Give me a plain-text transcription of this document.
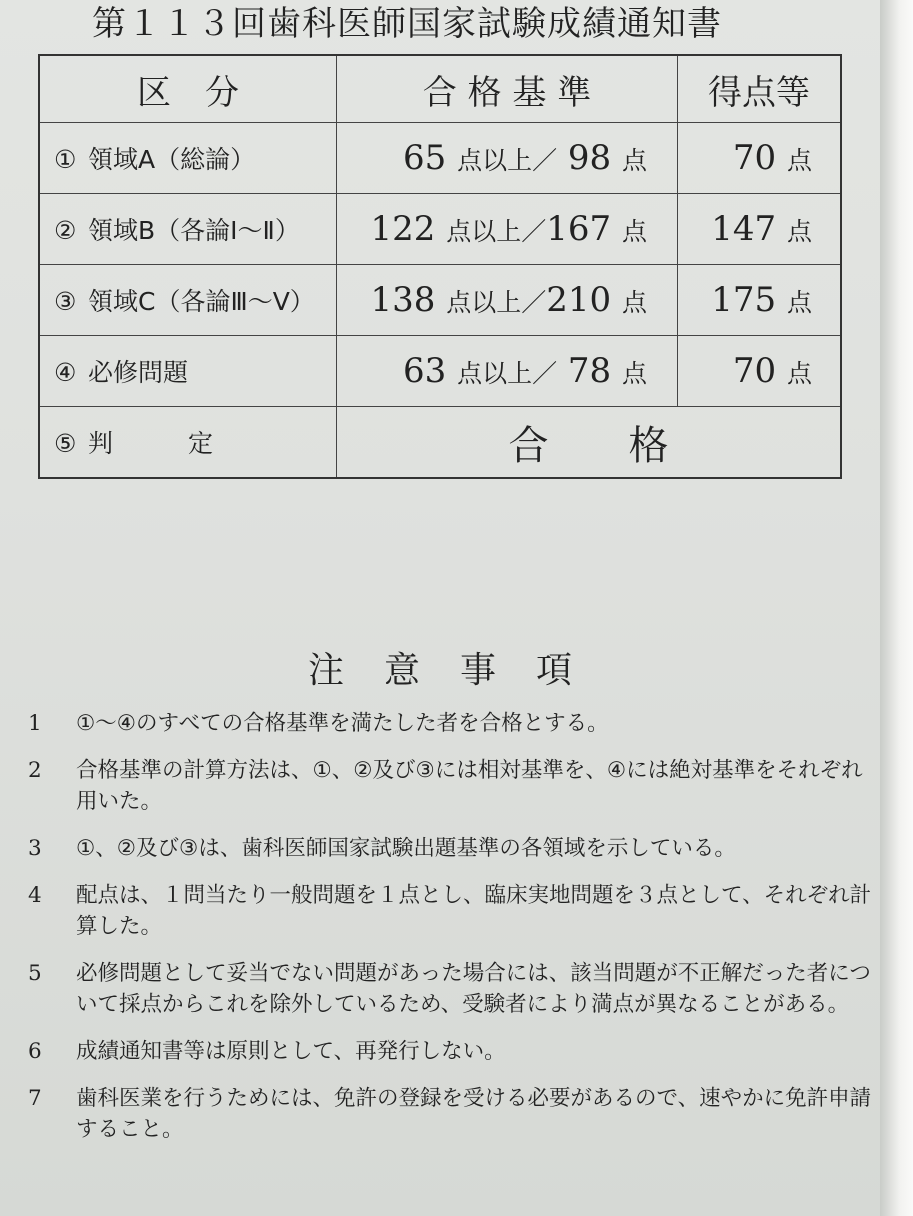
第１１３回歯科医師国家試験成績通知書
区　分	合 格 基 準	得点等
① 領域A（総論）	65 点以上／ 98 点	70 点
② 領域B（各論Ⅰ〜Ⅱ）	122 点以上／167 点	147 点
③ 領域C（各論Ⅲ〜Ⅴ）	138 点以上／210 点	175 点
④ 必修問題	63 点以上／ 78 点	70 点
⑤ 判　　　定	合格	
注意事項
1	①〜④のすべての合格基準を満たした者を合格とする。
2	合格基準の計算方法は、①、②及び③には相対基準を、④には絶対基準をそれぞれ用いた。
3	①、②及び③は、歯科医師国家試験出題基準の各領域を示している。
4	配点は、１問当たり一般問題を１点とし、臨床実地問題を３点として、それぞれ計算した。
5	必修問題として妥当でない問題があった場合には、該当問題が不正解だった者について採点からこれを除外しているため、受験者により満点が異なることがある。
6	成績通知書等は原則として、再発行しない。
7	歯科医業を行うためには、免許の登録を受ける必要があるので、速やかに免許申請すること。
